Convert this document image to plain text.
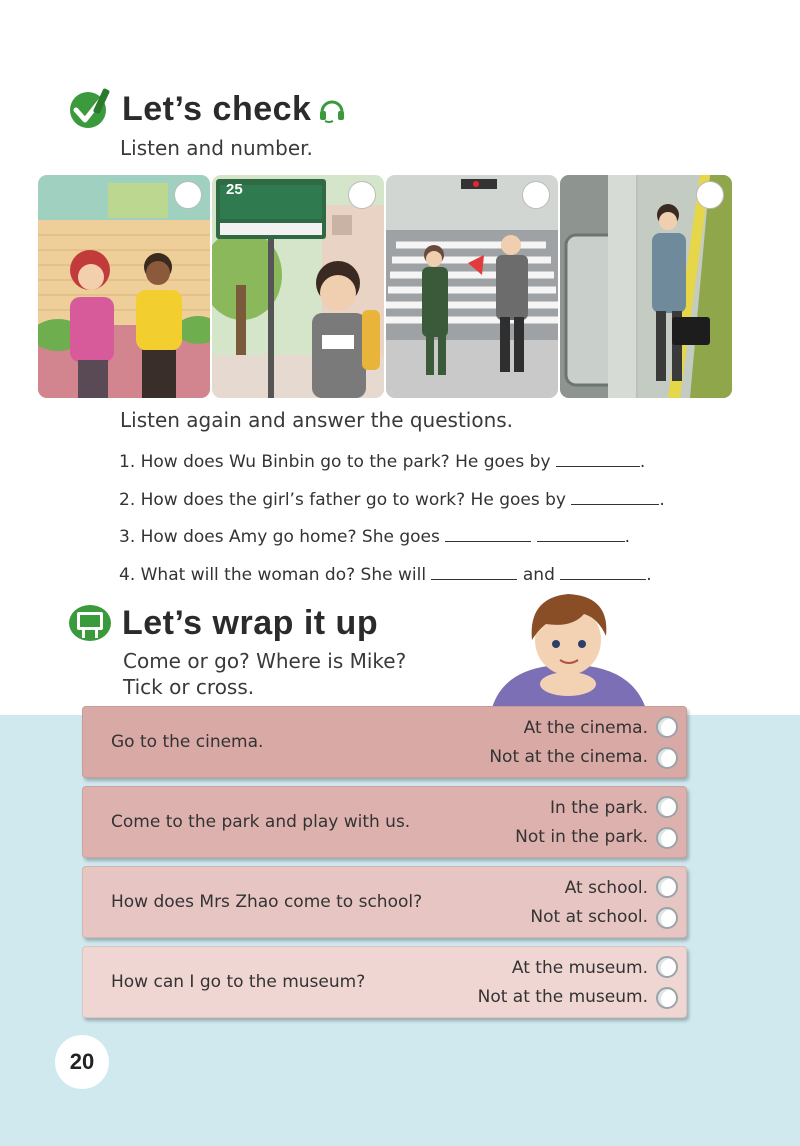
Let’s check
Listen and number.
25
Listen again and answer the questions.
1. How does Wu Binbin go to the park? He goes by	.
2. How does the girl’s father go to work? He goes by	.
3. How does Amy go home? She goes	.
4. What will the woman do? She will	and	.
Let’s wrap it up
Come or go? Where is Mike?
Tick or cross.
Go to the cinema.
At the cinema.
Not at the cinema.
Come to the park and play with us.
In the park.
Not in the park.
How does Mrs Zhao come to school?
At school.
Not at school.
How can I go to the museum?
At the museum.
Not at the museum.
20
